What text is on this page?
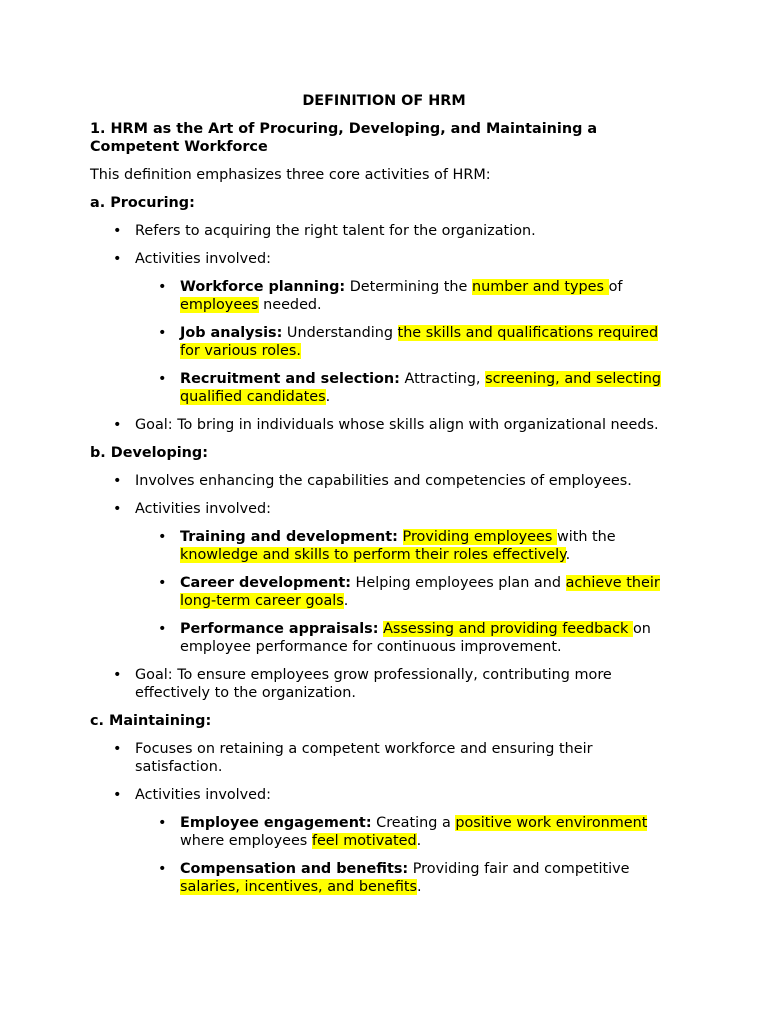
DEFINITION OF HRM
1. HRM as the Art of Procuring, Developing, and Maintaining a Competent Workforce
This definition emphasizes three core activities of HRM:
a. Procuring:
• Refers to acquiring the right talent for the organization.
• Activities involved:
• Workforce planning: Determining the number and types of employees needed.
• Job analysis: Understanding the skills and qualifications required for various roles.
• Recruitment and selection: Attracting, screening, and selecting qualified candidates.
• Goal: To bring in individuals whose skills align with organizational needs.
b. Developing:
• Involves enhancing the capabilities and competencies of employees.
• Activities involved:
• Training and development: Providing employees with the knowledge and skills to perform their roles effectively.
• Career development: Helping employees plan and achieve their long-term career goals.
• Performance appraisals: Assessing and providing feedback on employee performance for continuous improvement.
• Goal: To ensure employees grow professionally, contributing more effectively to the organization.
c. Maintaining:
• Focuses on retaining a competent workforce and ensuring their satisfaction.
• Activities involved:
• Employee engagement: Creating a positive work environment where employees feel motivated.
• Compensation and benefits: Providing fair and competitive salaries, incentives, and benefits.
